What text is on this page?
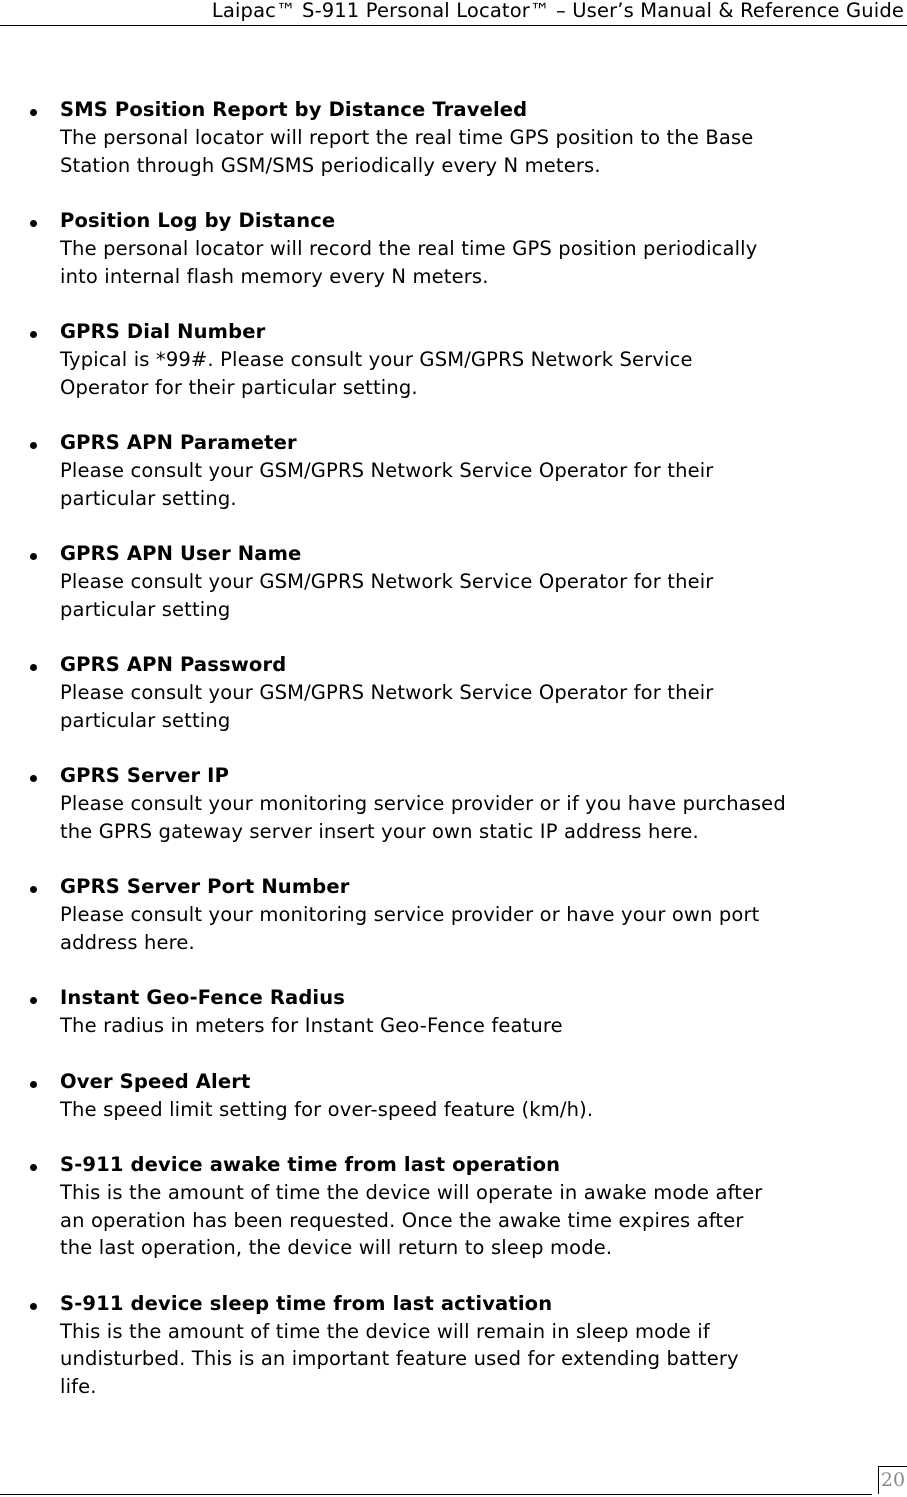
Laipac™ S-911 Personal Locator™ – User’s Manual & Reference Guide
SMS Position Report by Distance Traveled
The personal locator will report the real time GPS position to the Base
Station through GSM/SMS periodically every N meters.
Position Log by Distance
The personal locator will record the real time GPS position periodically
into internal flash memory every N meters.
GPRS Dial Number
Typical is *99#. Please consult your GSM/GPRS Network Service
Operator for their particular setting.
GPRS APN Parameter
Please consult your GSM/GPRS Network Service Operator for their
particular setting.
GPRS APN User Name
Please consult your GSM/GPRS Network Service Operator for their
particular setting
GPRS APN Password
Please consult your GSM/GPRS Network Service Operator for their
particular setting
GPRS Server IP
Please consult your monitoring service provider or if you have purchased
the GPRS gateway server insert your own static IP address here.
GPRS Server Port Number
Please consult your monitoring service provider or have your own port
address here.
Instant Geo-Fence Radius
The radius in meters for Instant Geo-Fence feature
Over Speed Alert
The speed limit setting for over-speed feature (km/h).
S-911 device awake time from last operation
This is the amount of time the device will operate in awake mode after
an operation has been requested. Once the awake time expires after
the last operation, the device will return to sleep mode.
S-911 device sleep time from last activation
This is the amount of time the device will remain in sleep mode if
undisturbed. This is an important feature used for extending battery
life.
20
